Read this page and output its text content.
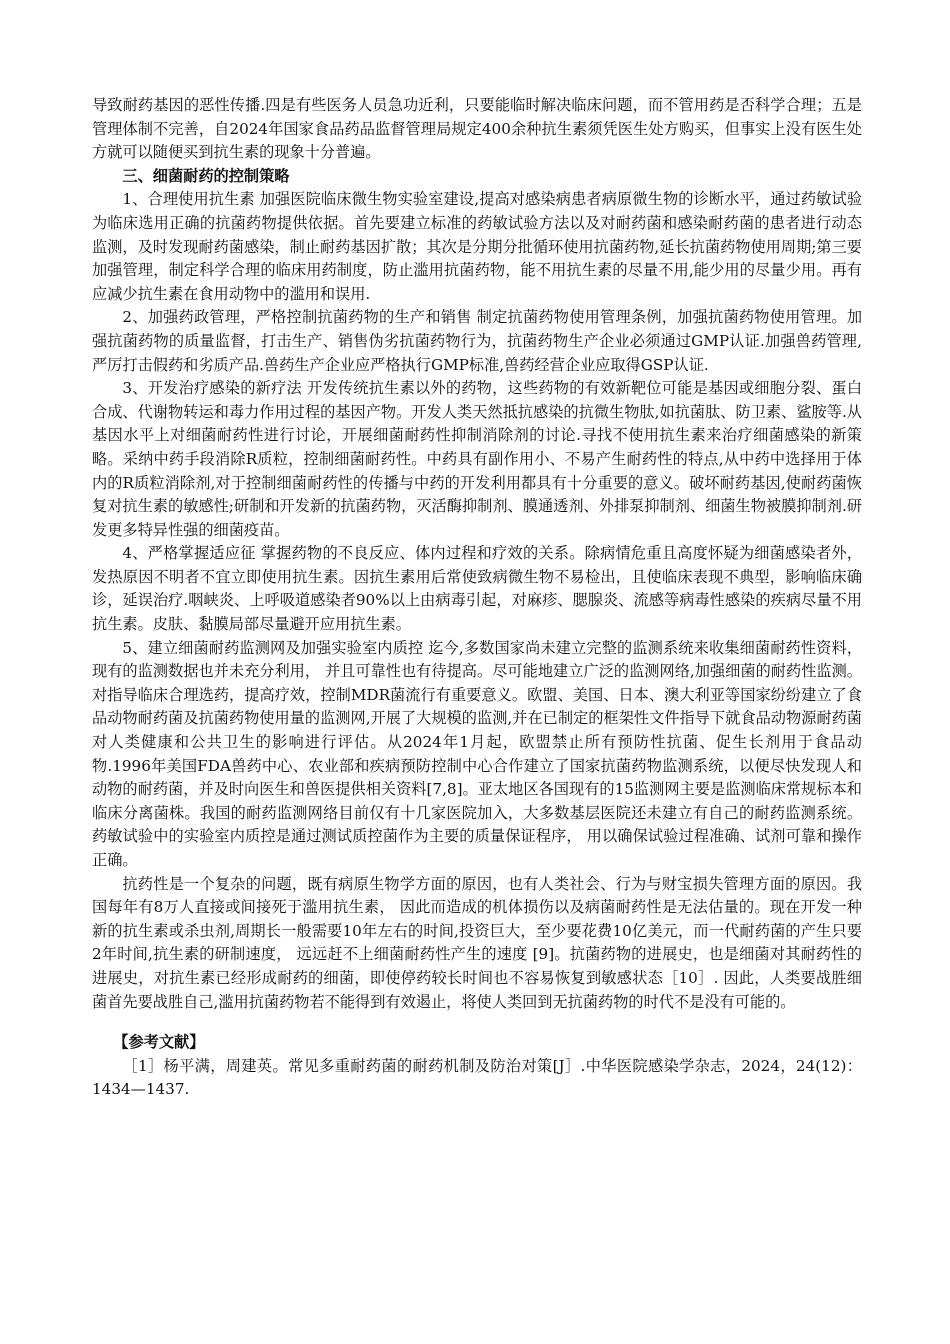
导致耐药基因的恶性传播.四是有些医务人员急功近利，只要能临时解决临床问题，而不管用药是否科学合理；五是管理体制不完善，自2024年国家食品药品监督管理局规定400余种抗生素须凭医生处方购买，但事实上没有医生处方就可以随便买到抗生素的现象十分普遍。

三、细菌耐药的控制策略

1、合理使用抗生素 加强医院临床微生物实验室建设,提高对感染病患者病原微生物的诊断水平，通过药敏试验为临床选用正确的抗菌药物提供依据。首先要建立标准的药敏试验方法以及对耐药菌和感染耐药菌的患者进行动态监测，及时发现耐药菌感染，制止耐药基因扩散；其次是分期分批循环使用抗菌药物,延长抗菌药物使用周期;第三要加强管理，制定科学合理的临床用药制度，防止滥用抗菌药物，能不用抗生素的尽量不用,能少用的尽量少用。再有应减少抗生素在食用动物中的滥用和误用.

2、加强药政管理，严格控制抗菌药物的生产和销售 制定抗菌药物使用管理条例，加强抗菌药物使用管理。加强抗菌药物的质量监督，打击生产、销售伪劣抗菌药物行为，抗菌药物生产企业必须通过GMP认证.加强兽药管理,严厉打击假药和劣质产品.兽药生产企业应严格执行GMP标准,兽药经营企业应取得GSP认证.

3、开发治疗感染的新疗法 开发传统抗生素以外的药物，这些药物的有效新靶位可能是基因或细胞分裂、蛋白合成、代谢物转运和毒力作用过程的基因产物。开发人类天然抵抗感染的抗微生物肽,如抗菌肽、防卫素、鲨胺等.从基因水平上对细菌耐药性进行讨论，开展细菌耐药性抑制消除剂的讨论.寻找不使用抗生素来治疗细菌感染的新策略。采纳中药手段消除R质粒，控制细菌耐药性。中药具有副作用小、不易产生耐药性的特点,从中药中选择用于体内的R质粒消除剂,对于控制细菌耐药性的传播与中药的开发利用都具有十分重要的意义。破坏耐药基因,使耐药菌恢复对抗生素的敏感性;研制和开发新的抗菌药物，灭活酶抑制剂、膜通透剂、外排泵抑制剂、细菌生物被膜抑制剂.研发更多特异性强的细菌疫苗。

4、严格掌握适应征 掌握药物的不良反应、体内过程和疗效的关系。除病情危重且高度怀疑为细菌感染者外，发热原因不明者不宜立即使用抗生素。因抗生素用后常使致病微生物不易检出，且使临床表现不典型，影响临床确诊，延误治疗.咽峡炎、上呼吸道感染者90%以上由病毒引起，对麻疹、腮腺炎、流感等病毒性感染的疾病尽量不用抗生素。皮肤、黏膜局部尽量避开应用抗生素。

5、建立细菌耐药监测网及加强实验室内质控 迄今,多数国家尚未建立完整的监测系统来收集细菌耐药性资料， 现有的监测数据也并未充分利用， 并且可靠性也有待提高。尽可能地建立广泛的监测网络,加强细菌的耐药性监测。对指导临床合理选药，提高疗效，控制MDR菌流行有重要意义。欧盟、美国、日本、澳大利亚等国家纷纷建立了食品动物耐药菌及抗菌药物使用量的监测网,开展了大规模的监测,并在已制定的框架性文件指导下就食品动物源耐药菌对人类健康和公共卫生的影响进行评估。从2024年1月起，欧盟禁止所有预防性抗菌、促生长剂用于食品动物.1996年美国FDA兽药中心、农业部和疾病预防控制中心合作建立了国家抗菌药物监测系统，以便尽快发现人和动物的耐药菌，并及时向医生和兽医提供相关资料[7,8]。亚太地区各国现有的15监测网主要是监测临床常规标本和临床分离菌株。我国的耐药监测网络目前仅有十几家医院加入，大多数基层医院还未建立有自己的耐药监测系统。药敏试验中的实验室内质控是通过测试质控菌作为主要的质量保证程序， 用以确保试验过程准确、试剂可靠和操作正确。

抗药性是一个复杂的问题，既有病原生物学方面的原因，也有人类社会、行为与财宝损失管理方面的原因。我国每年有8万人直接或间接死于滥用抗生素， 因此而造成的机体损伤以及病菌耐药性是无法估量的。现在开发一种新的抗生素或杀虫剂,周期长一般需要10年左右的时间,投资巨大，至少要花费10亿美元，而一代耐药菌的产生只要2年时间,抗生素的研制速度， 远远赶不上细菌耐药性产生的速度 [9]。抗菌药物的进展史，也是细菌对其耐药性的进展史，对抗生素已经形成耐药的细菌，即使停药较长时间也不容易恢复到敏感状态［10］. 因此，人类要战胜细菌首先要战胜自己,滥用抗菌药物若不能得到有效遏止，将使人类回到无抗菌药物的时代不是没有可能的。

【参考文献】

［1］杨平满，周建英。常见多重耐药菌的耐药机制及防治对策[J］.中华医院感染学杂志，2024，24(12)：1434—1437.
